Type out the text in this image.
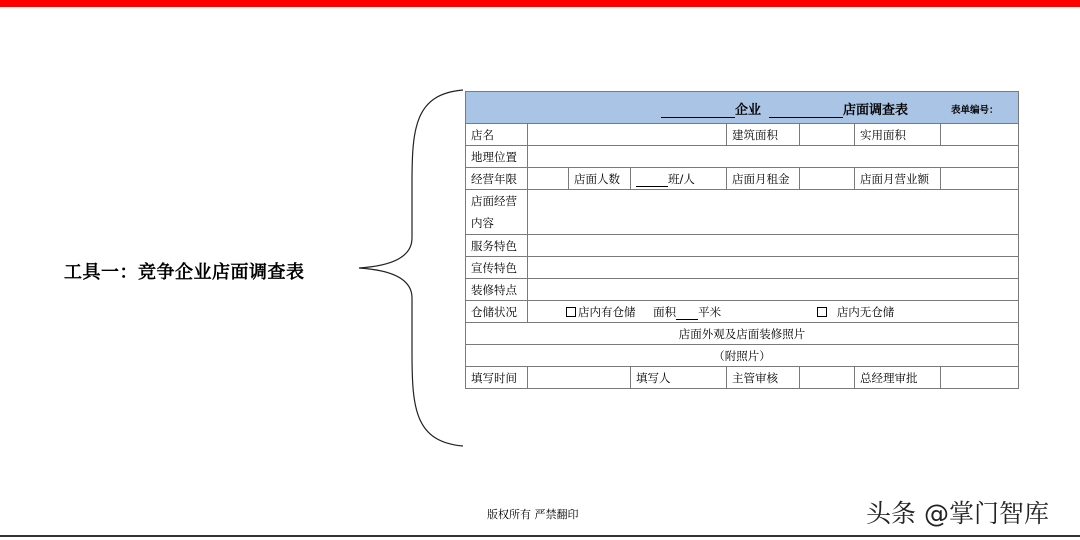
工具一：竞争企业店面调查表
企业 店面调查表 表单编号：							

店名				建筑面积		实用面积	
地理位置							
经营年限		店面人数	班/人	店面月租金		店面月营业额	
店面经营内容							
服务特色							
宣传特色							
装修特点							
仓储状况	店内有仓储 面积 平米 店内无仓储						
店面外观及店面装修照片							
（附照片）							
填写时间			填写人	主管审核		总经理审批	
版权所有 严禁翻印	头条 @掌门智库
